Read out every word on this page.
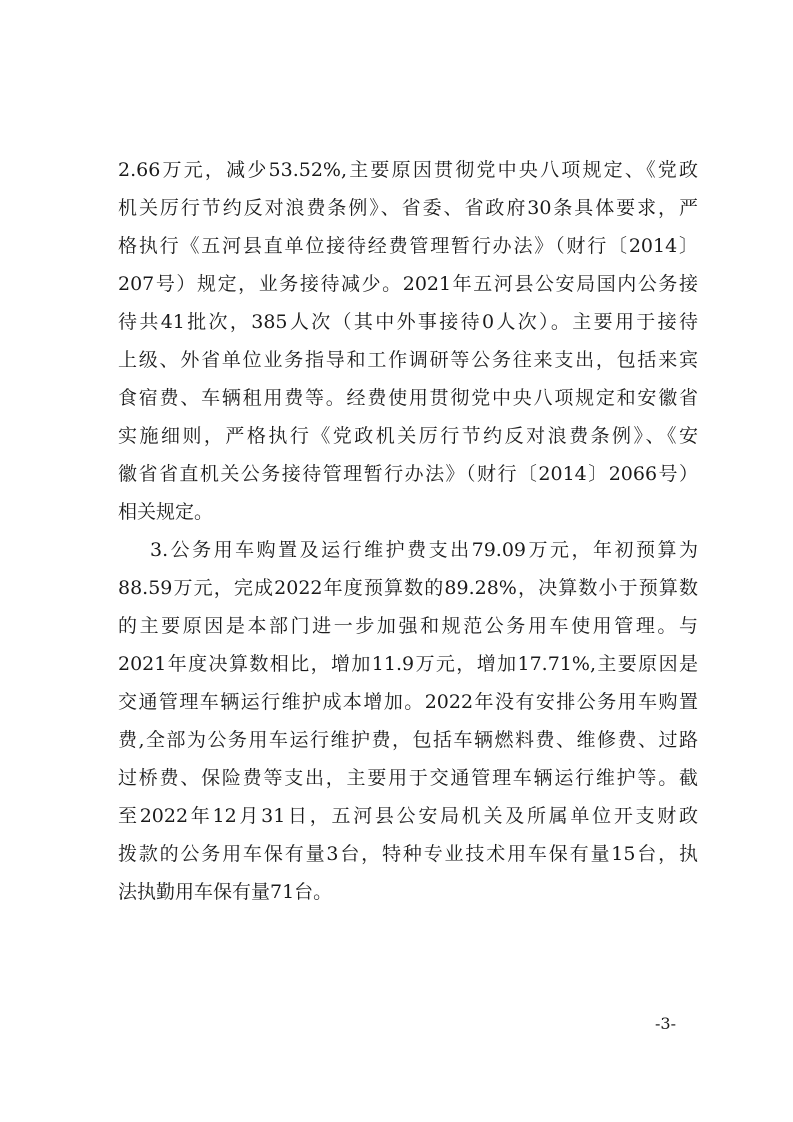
2.66万元，减少53.52%,主要原因贯彻党中央八项规定、《党政
机关厉行节约反对浪费条例》、省委、省政府30条具体要求，严
格执行《五河县直单位接待经费管理暂行办法》（财行〔2014〕
207号）规定，业务接待减少。2021年五河县公安局国内公务接
待共41批次，385人次（其中外事接待0人次）。主要用于接待
上级、外省单位业务指导和工作调研等公务往来支出，包括来宾
食宿费、车辆租用费等。经费使用贯彻党中央八项规定和安徽省
实施细则，严格执行《党政机关厉行节约反对浪费条例》、《安
徽省省直机关公务接待管理暂行办法》（财行〔2014〕2066号）
相关规定。
3.公务用车购置及运行维护费支出79.09万元，年初预算为
88.59万元，完成2022年度预算数的89.28%，决算数小于预算数
的主要原因是本部门进一步加强和规范公务用车使用管理。与
2021年度决算数相比，增加11.9万元，增加17.71%,主要原因是
交通管理车辆运行维护成本增加。2022年没有安排公务用车购置
费,全部为公务用车运行维护费，包括车辆燃料费、维修费、过路
过桥费、保险费等支出，主要用于交通管理车辆运行维护等。截
至2022年12月31日，五河县公安局机关及所属单位开支财政
拨款的公务用车保有量3台，特种专业技术用车保有量15台，执
法执勤用车保有量71台。
-3-
